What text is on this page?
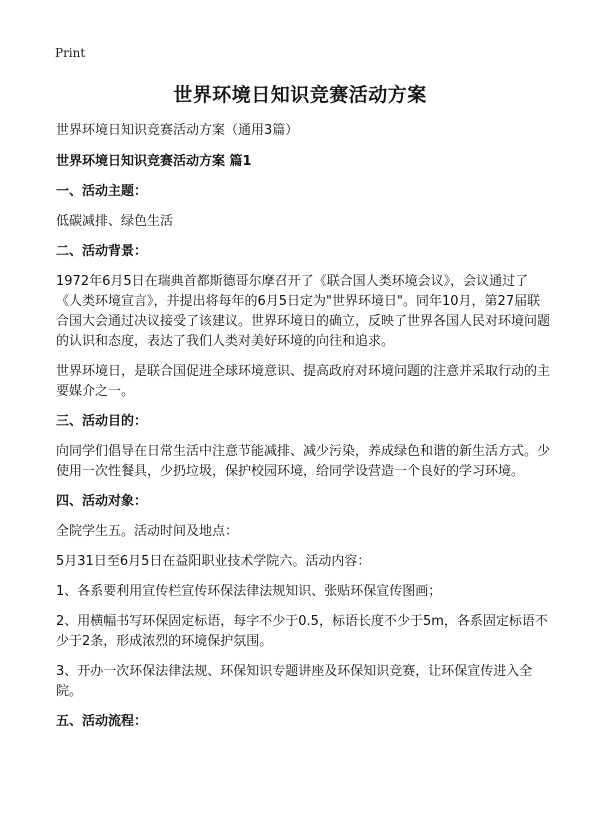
Print
世界环境日知识竞赛活动方案

世界环境日知识竞赛活动方案（通用3篇）

世界环境日知识竞赛活动方案 篇1

一、活动主题：

低碳减排、绿色生活

二、活动背景：

1972年6月5日在瑞典首都斯德哥尔摩召开了《联合国人类环境会议》，会议通过了《人类环境宣言》，并提出将每年的6月5日定为"世界环境日"。同年10月，第27届联合国大会通过决议接受了该建议。世界环境日的确立，反映了世界各国人民对环境问题的认识和态度，表达了我们人类对美好环境的向往和追求。

世界环境日，是联合国促进全球环境意识、提高政府对环境问题的注意并采取行动的主要媒介之一。

三、活动目的：

向同学们倡导在日常生活中注意节能减排、减少污染，养成绿色和谐的新生活方式。少使用一次性餐具，少扔垃圾，保护校园环境，给同学设营造一个良好的学习环境。

四、活动对象：

全院学生五。活动时间及地点：

5月31日至6月5日在益阳职业技术学院六。活动内容：

1、各系要利用宣传栏宣传环保法律法规知识、张贴环保宣传图画；

2、用横幅书写环保固定标语，每字不少于0.5，标语长度不少于5m，各系固定标语不少于2条，形成浓烈的环境保护氛围。

3、开办一次环保法律法规、环保知识专题讲座及环保知识竞赛，让环保宣传进入全院。

五、活动流程：
